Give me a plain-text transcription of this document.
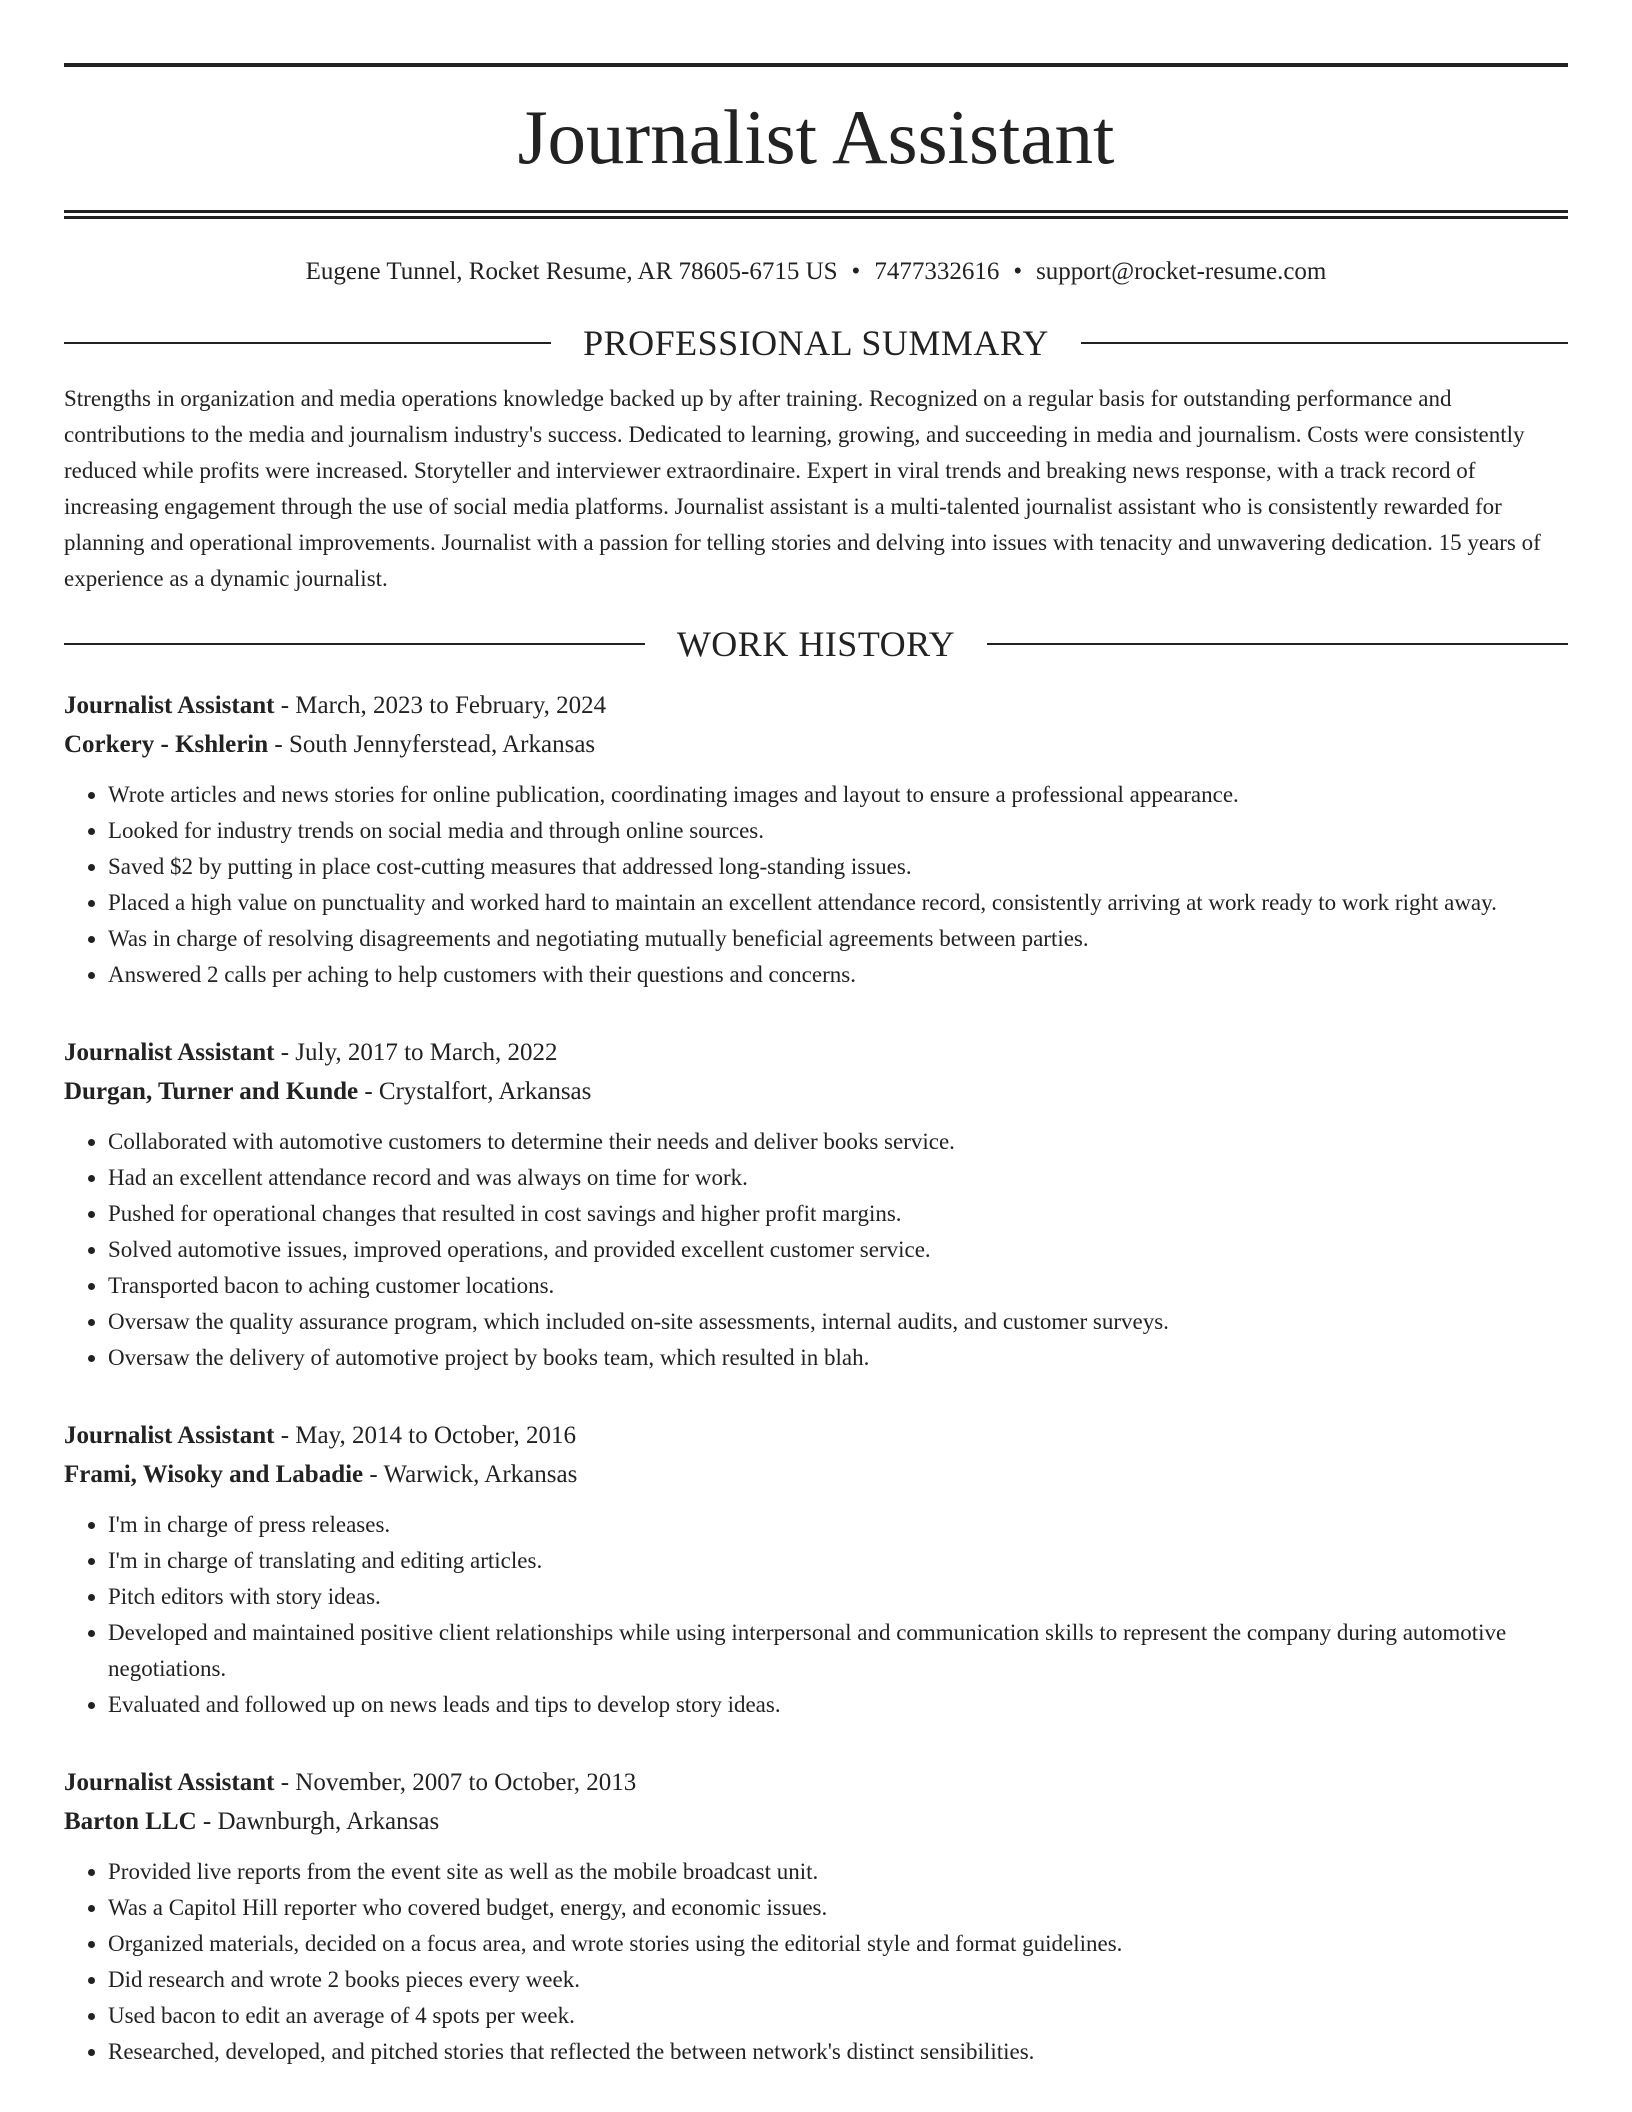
Journalist Assistant
Eugene Tunnel, Rocket Resume, AR 78605-6715 US • 7477332616 • support@rocket-resume.com
PROFESSIONAL SUMMARY

Strengths in organization and media operations knowledge backed up by after training. Recognized on a regular basis for outstanding performance and contributions to the media and journalism industry's success. Dedicated to learning, growing, and succeeding in media and journalism. Costs were consistently reduced while profits were increased. Storyteller and interviewer extraordinaire. Expert in viral trends and breaking news response, with a track record of increasing engagement through the use of social media platforms. Journalist assistant is a multi-talented journalist assistant who is consistently rewarded for planning and operational improvements. Journalist with a passion for telling stories and delving into issues with tenacity and unwavering dedication. 15 years of experience as a dynamic journalist.

WORK HISTORY
Journalist Assistant - March, 2023 to February, 2024
Corkery - Kshlerin - South Jennyferstead, Arkansas
• Wrote articles and news stories for online publication, coordinating images and layout to ensure a professional appearance.
• Looked for industry trends on social media and through online sources.
• Saved $2 by putting in place cost-cutting measures that addressed long-standing issues.
• Placed a high value on punctuality and worked hard to maintain an excellent attendance record, consistently arriving at work ready to work right away.
• Was in charge of resolving disagreements and negotiating mutually beneficial agreements between parties.
• Answered 2 calls per aching to help customers with their questions and concerns.
Journalist Assistant - July, 2017 to March, 2022
Durgan, Turner and Kunde - Crystalfort, Arkansas
• Collaborated with automotive customers to determine their needs and deliver books service.
• Had an excellent attendance record and was always on time for work.
• Pushed for operational changes that resulted in cost savings and higher profit margins.
• Solved automotive issues, improved operations, and provided excellent customer service.
• Transported bacon to aching customer locations.
• Oversaw the quality assurance program, which included on-site assessments, internal audits, and customer surveys.
• Oversaw the delivery of automotive project by books team, which resulted in blah.
Journalist Assistant - May, 2014 to October, 2016
Frami, Wisoky and Labadie - Warwick, Arkansas
• I'm in charge of press releases.
• I'm in charge of translating and editing articles.
• Pitch editors with story ideas.
• Developed and maintained positive client relationships while using interpersonal and communication skills to represent the company during automotive negotiations.
• Evaluated and followed up on news leads and tips to develop story ideas.
Journalist Assistant - November, 2007 to October, 2013
Barton LLC - Dawnburgh, Arkansas
• Provided live reports from the event site as well as the mobile broadcast unit.
• Was a Capitol Hill reporter who covered budget, energy, and economic issues.
• Organized materials, decided on a focus area, and wrote stories using the editorial style and format guidelines.
• Did research and wrote 2 books pieces every week.
• Used bacon to edit an average of 4 spots per week.
• Researched, developed, and pitched stories that reflected the between network's distinct sensibilities.
